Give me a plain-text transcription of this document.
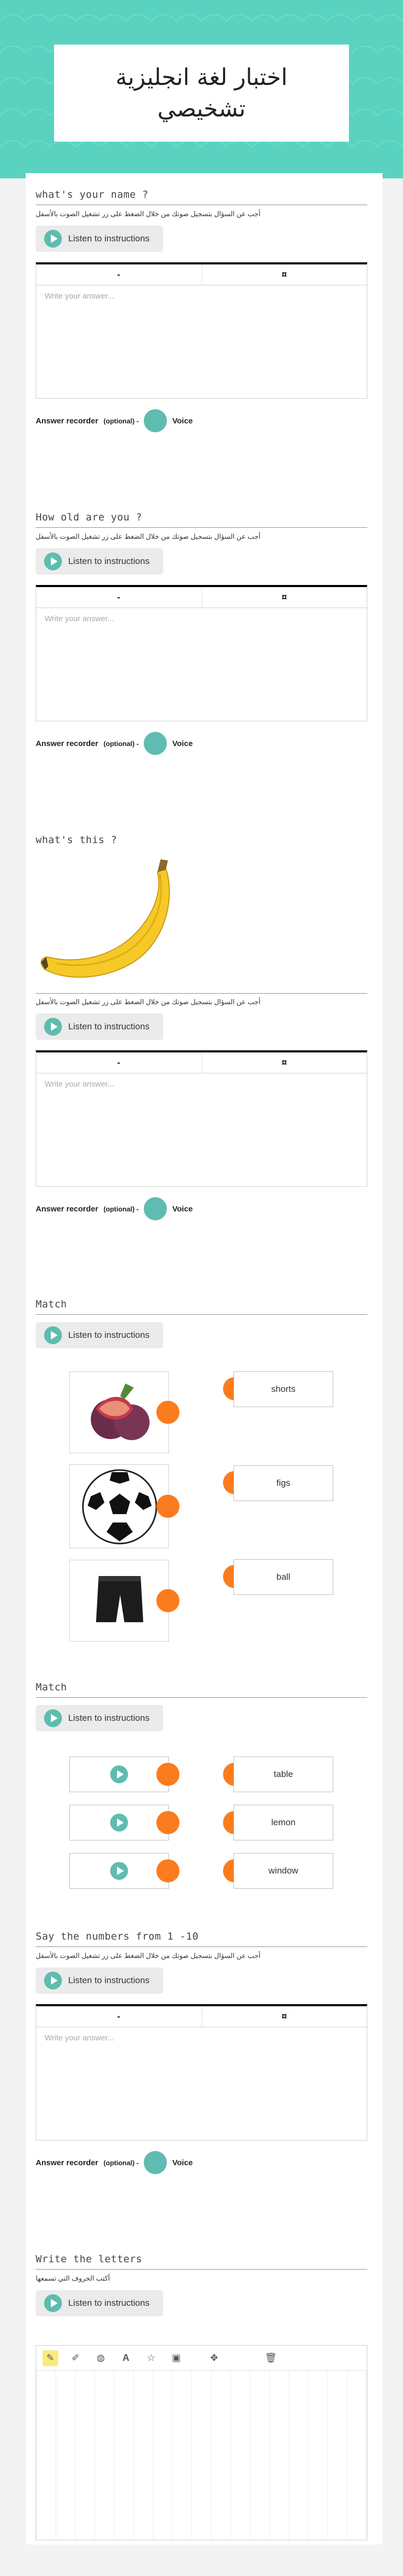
اختبار لغة انجليزية تشخيصي
what's your name ?
أجب عن السؤال بتسجيل صوتك من خلال الضغط على زر تشغيل الصوت بالأسفل
Listen to instructions
-	¤
Write your answer...
Answer recorder (optional) -	Voice
How old are you ?
أجب عن السؤال بتسجيل صوتك من خلال الضغط على زر تشغيل الصوت بالأسفل
Listen to instructions
-	¤
Write your answer...
Answer recorder (optional) -	Voice
what's this ?
أجب عن السؤال بتسجيل صوتك من خلال الضغط على زر تشغيل الصوت بالأسفل
Listen to instructions
-	¤
Write your answer...
Answer recorder (optional) -	Voice
Match
Listen to instructions
shorts
figs
ball
Match
Listen to instructions
table
lemon
window
Say the numbers from 1 -10
أجب عن السؤال بتسجيل صوتك من خلال الضغط على زر تشغيل الصوت بالأسفل
Listen to instructions
-	¤
Write your answer...
Answer recorder (optional) -	Voice
Write the letters
أكتب الحروف التي تسمعها
Listen to instructions
✎	✐	◍	A	☆	▣	✥	🗑
